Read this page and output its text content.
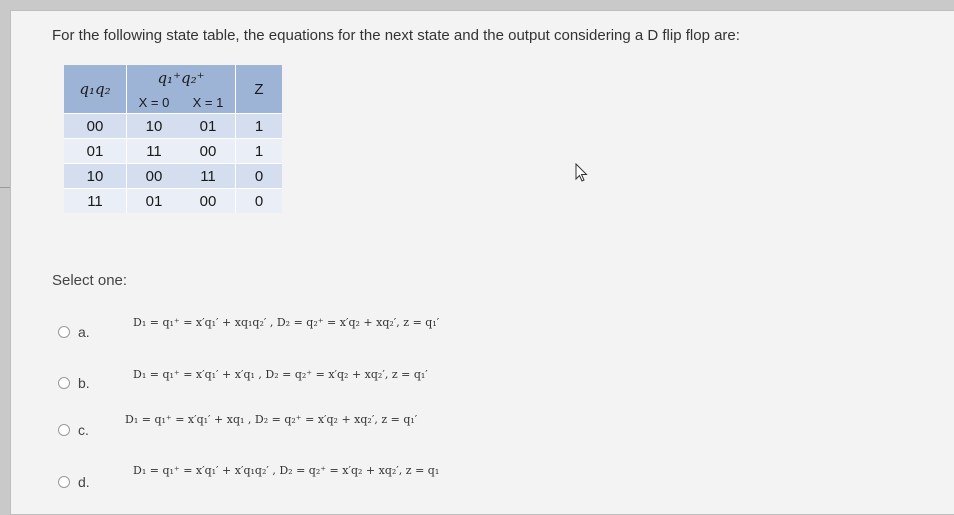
For the following state table, the equations for the next state and the output considering a D flip flop are:
q₁q₂	q₁⁺q₂⁺		Z
	X = 0	X = 1	
00	10	01	1
01	11	00	1
10	00	11	0
11	01	00	0
Select one:
a.
D₁ = q₁⁺ = x′q₁′ + xq₁q₂′ , D₂ = q₂⁺ = x′q₂ + xq₂′, z = q₁′
b.
D₁ = q₁⁺ = x′q₁′ + x′q₁ , D₂ = q₂⁺ = x′q₂ + xq₂′, z = q₁′
c.
D₁ = q₁⁺ = x′q₁′ + xq₁ , D₂ = q₂⁺ = x′q₂ + xq₂′, z = q₁′
d.
D₁ = q₁⁺ = x′q₁′ + x′q₁q₂′ , D₂ = q₂⁺ = x′q₂ + xq₂′, z = q₁
